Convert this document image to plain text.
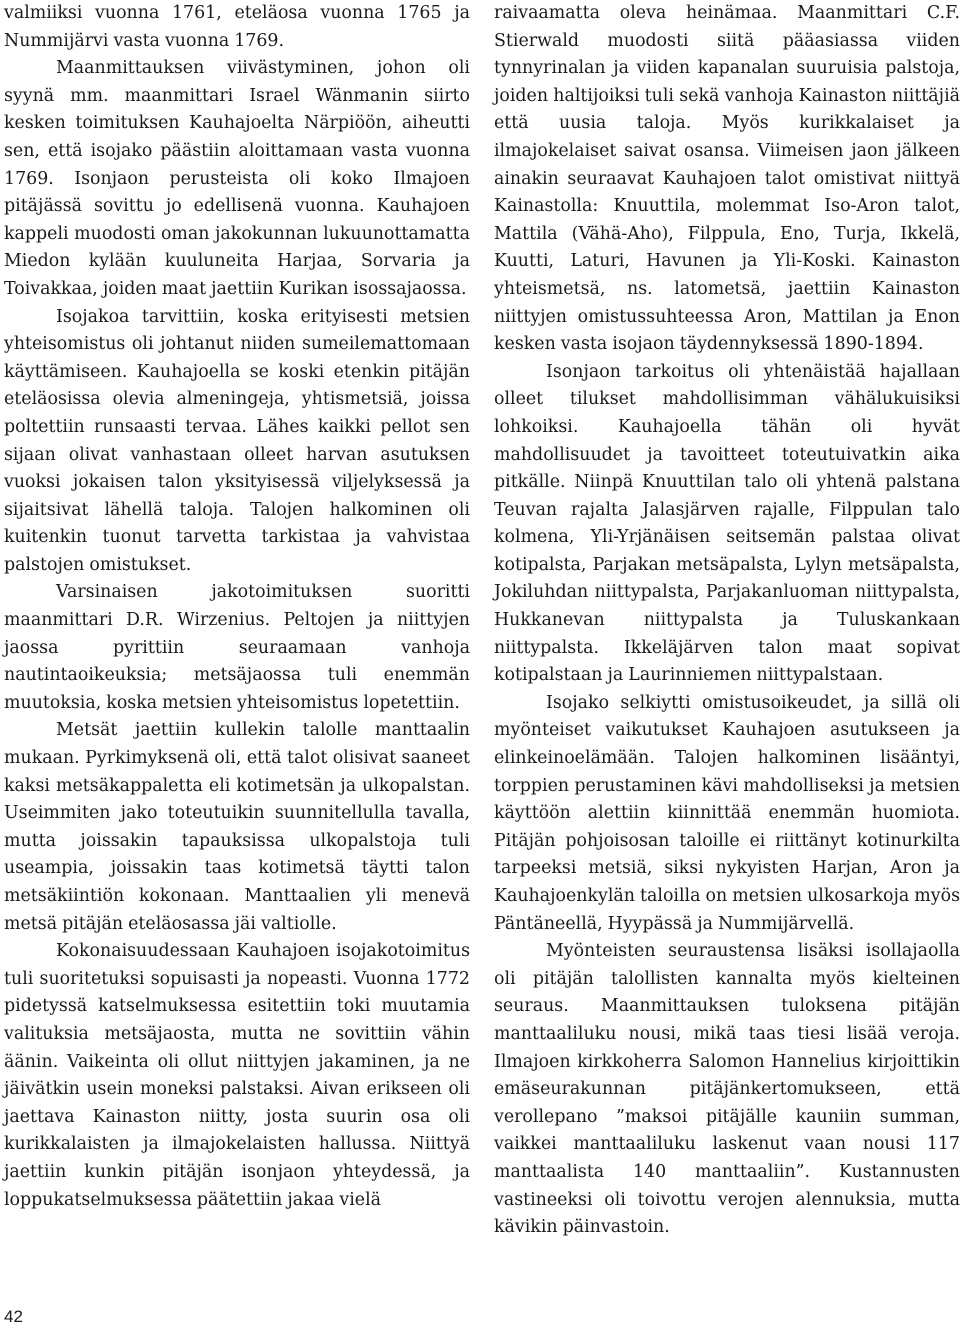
valmiiksi vuonna 1761, eteläosa vuonna 1765 ja Nummijärvi vasta vuonna 1769.

Maanmittauksen viivästyminen, johon oli syynä mm. maanmittari Israel Wänmanin siirto kesken toimituksen Kauhajoelta Närpiöön, aiheutti sen, että isojako päästiin aloittamaan vasta vuonna 1769. Isonjaon perusteista oli koko Ilmajoen pitäjässä sovittu jo edellisenä vuonna. Kauhajoen kappeli muodosti oman jakokunnan lukuunottamatta Miedon kylään kuuluneita Harjaa, Sorvaria ja Toivakkaa, joiden maat jaettiin Kurikan isossajaossa.

Isojakoa tarvittiin, koska erityisesti metsien yhteisomistus oli johtanut niiden sumeilemattomaan käyttämiseen. Kauhajoella se koski etenkin pitäjän eteläosissa olevia almeningeja, yhtismetsiä, joissa poltettiin runsaasti tervaa. Lähes kaikki pellot sen sijaan olivat vanhastaan olleet harvan asutuksen vuoksi jokaisen talon yksityisessä viljelyksessä ja sijaitsivat lähellä taloja. Talojen halkominen oli kuitenkin tuonut tarvetta tarkistaa ja vahvistaa palstojen omistukset.

Varsinaisen jakotoimituksen suoritti maanmittari D.R. Wirzenius. Peltojen ja niittyjen jaossa pyrittiin seuraamaan vanhoja nautintaoikeuksia; metsäjaossa tuli enemmän muutoksia, koska metsien yhteisomistus lopetettiin.

Metsät jaettiin kullekin talolle manttaalin mukaan. Pyrkimyksenä oli, että talot olisivat saaneet kaksi metsäkappaletta eli kotimetsän ja ulkopalstan. Useimmiten jako toteutuikin suunnitellulla tavalla, mutta joissakin tapauksissa ulkopalstoja tuli useampia, joissakin taas kotimetsä täytti talon metsäkiintiön kokonaan. Manttaalien yli menevä metsä pitäjän eteläosassa jäi valtiolle.

Kokonaisuudessaan Kauhajoen isojakotoimitus tuli suoritetuksi sopuisasti ja nopeasti. Vuonna 1772 pidetyssä katselmuksessa esitettiin toki muutamia valituksia metsäjaosta, mutta ne sovittiin vähin äänin. Vaikeinta oli ollut niittyjen jakaminen, ja ne jäivätkin usein moneksi palstaksi. Aivan erikseen oli jaettava Kainaston niitty, josta suurin osa oli kurikkalaisten ja ilmajokelaisten hallussa. Niittyä jaettiin kunkin pitäjän isonjaon yhteydessä, ja loppukatselmuksessa päätettiin jakaa vielä

raivaamatta oleva heinämaa. Maanmittari C.F. Stierwald muodosti siitä pääasiassa viiden tynnyrinalan ja viiden kapanalan suuruisia palstoja, joiden haltijoiksi tuli sekä vanhoja Kainaston niittäjiä että uusia taloja. Myös kurikkalaiset ja ilmajokelaiset saivat osansa. Viimeisen jaon jälkeen ainakin seuraavat Kauhajoen talot omistivat niittyä Kainastolla: Knuuttila, molemmat Iso-Aron talot, Mattila (Vähä-Aho), Filppula, Eno, Turja, Ikkelä, Kuutti, Laturi, Havunen ja Yli-Koski. Kainaston yhteismetsä, ns. latometsä, jaettiin Kainaston niittyjen omistussuhteessa Aron, Mattilan ja Enon kesken vasta isojaon täydennyksessä 1890-1894.

Isonjaon tarkoitus oli yhtenäistää hajallaan olleet tilukset mahdollisimman vähälukuisiksi lohkoiksi. Kauhajoella tähän oli hyvät mahdollisuudet ja tavoitteet toteutuivatkin aika pitkälle. Niinpä Knuuttilan talo oli yhtenä palstana Teuvan rajalta Jalasjärven rajalle, Filppulan talo kolmena, Yli-Yrjänäisen seitsemän palstaa olivat kotipalsta, Parjakan metsäpalsta, Lylyn metsäpalsta, Jokiluhdan niittypalsta, Parjakanluoman niittypalsta, Hukkanevan niittypalsta ja Tuluskankaan niittypalsta. Ikkeläjärven talon maat sopivat kotipalstaan ja Laurinniemen niittypalstaan.

Isojako selkiytti omistusoikeudet, ja sillä oli myönteiset vaikutukset Kauhajoen asutukseen ja elinkeinoelämään. Talojen halkominen lisääntyi, torppien perustaminen kävi mahdolliseksi ja metsien käyttöön alettiin kiinnittää enemmän huomiota. Pitäjän pohjoisosan taloille ei riittänyt kotinurkilta tarpeeksi metsiä, siksi nykyisten Harjan, Aron ja Kauhajoenkylän taloilla on metsien ulkosarkoja myös Päntäneellä, Hyypässä ja Nummijärvellä.

Myönteisten seuraustensa lisäksi isollajaolla oli pitäjän talollisten kannalta myös kielteinen seuraus. Maanmittauksen tuloksena pitäjän manttaaliluku nousi, mikä taas tiesi lisää veroja. Ilmajoen kirkkoherra Salomon Hannelius kirjoittikin emäseurakunnan pitäjänkertomukseen, että verollepano ”maksoi pitäjälle kauniin summan, vaikkei manttaaliluku laskenut vaan nousi 117 manttaalista 140 manttaaliin”. Kustannusten vastineeksi oli toivottu verojen alennuksia, mutta kävikin päinvastoin.

42
